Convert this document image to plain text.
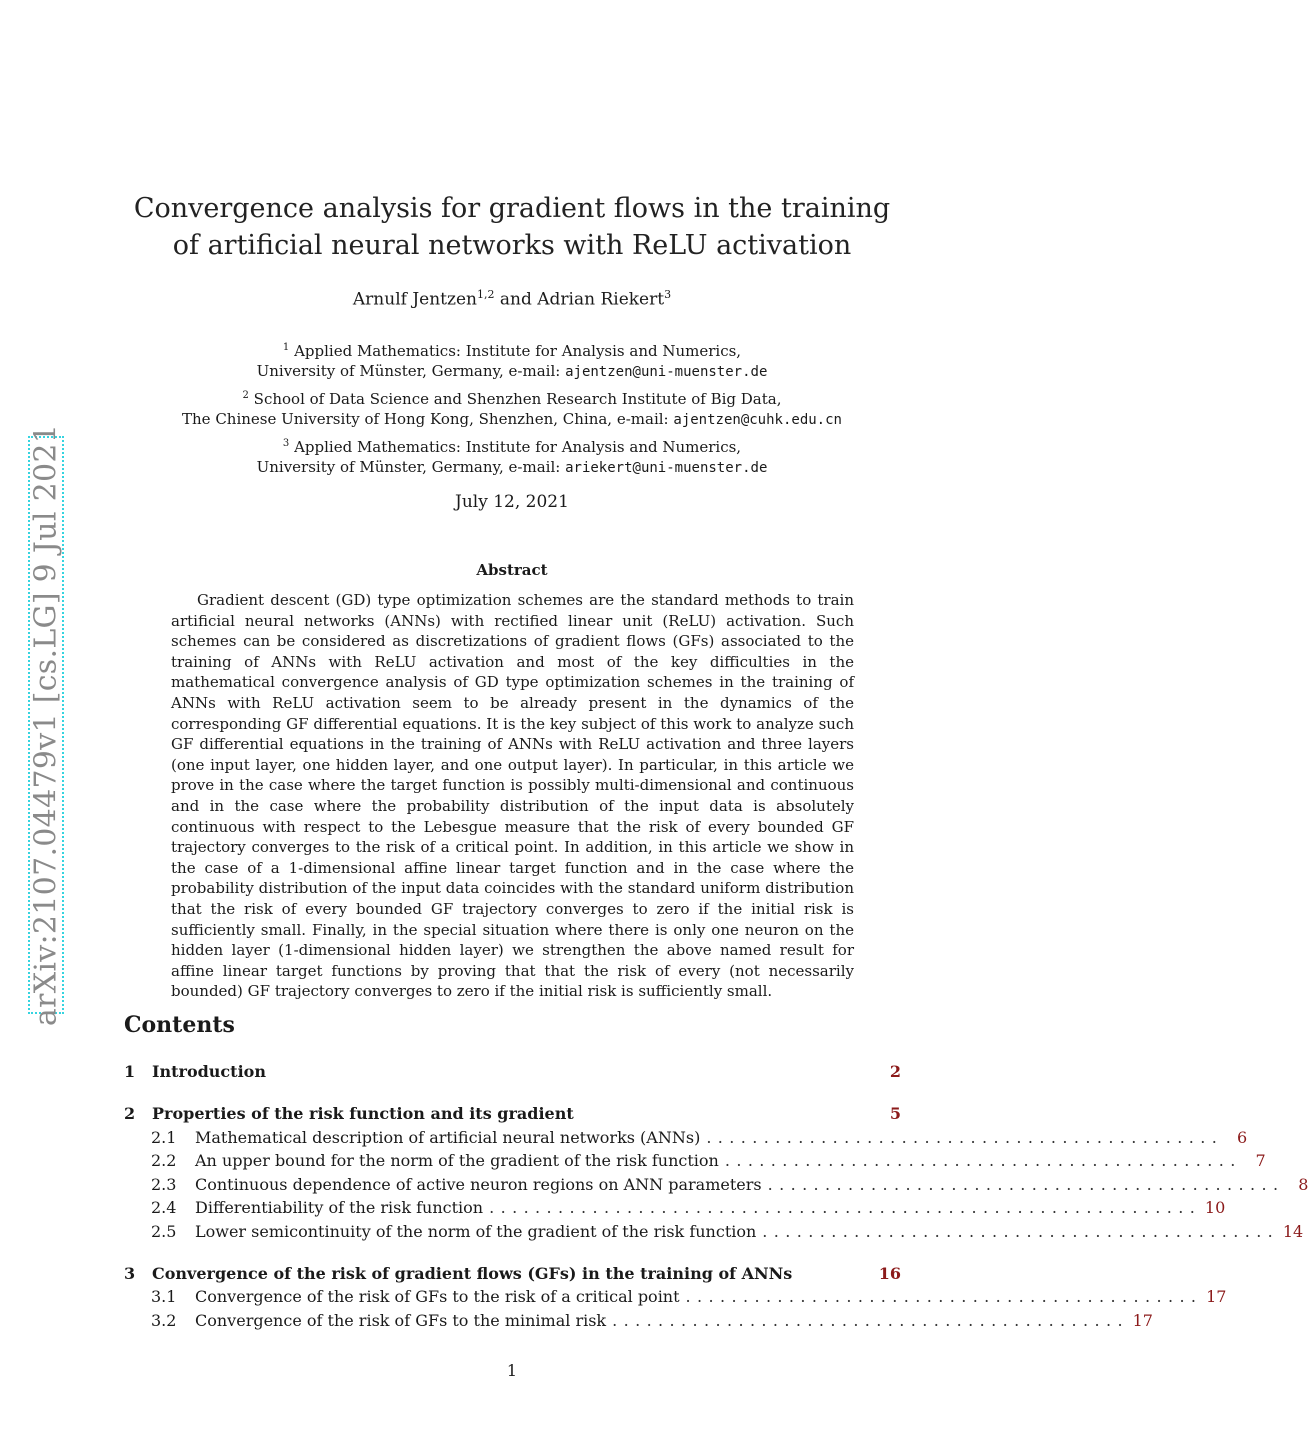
arXiv:2107.04479v1 [cs.LG] 9 Jul 2021
Convergence analysis for gradient flows in the training
of artificial neural networks with ReLU activation
Arnulf Jentzen$^{1,2}$ and Adrian Riekert$^3$
$^1$ Applied Mathematics: Institute for Analysis and Numerics,
University of Münster, Germany, e-mail: ajentzen@uni-muenster.de
$^2$ School of Data Science and Shenzhen Research Institute of Big Data,
The Chinese University of Hong Kong, Shenzhen, China, e-mail: ajentzen@cuhk.edu.cn
$^3$ Applied Mathematics: Institute for Analysis and Numerics,
University of Münster, Germany, e-mail: ariekert@uni-muenster.de
July 12, 2021
Abstract

Gradient descent (GD) type optimization schemes are the standard methods to train artificial neural networks (ANNs) with rectified linear unit (ReLU) activation. Such schemes can be considered as discretizations of gradient flows (GFs) associated to the training of ANNs with ReLU activation and most of the key difficulties in the mathematical convergence analysis of GD type optimization schemes in the training of ANNs with ReLU activation seem to be already present in the dynamics of the corresponding GF differential equations. It is the key subject of this work to analyze such GF differential equations in the training of ANNs with ReLU activation and three layers (one input layer, one hidden layer, and one output layer). In particular, in this article we prove in the case where the target function is possibly multi-dimensional and continuous and in the case where the probability distribution of the input data is absolutely continuous with respect to the Lebesgue measure that the risk of every bounded GF trajectory converges to the risk of a critical point. In addition, in this article we show in the case of a 1-dimensional affine linear target function and in the case where the probability distribution of the input data coincides with the standard uniform distribution that the risk of every bounded GF trajectory converges to zero if the initial risk is sufficiently small. Finally, in the special situation where there is only one neuron on the hidden layer (1-dimensional hidden layer) we strengthen the above named result for affine linear target functions by proving that that the risk of every (not necessarily bounded) GF trajectory converges to zero if the initial risk is sufficiently small.

Contents
1	Introduction	2
2	Properties of the risk function and its gradient	5
2.1	Mathematical description of artificial neural networks (ANNs) ............................................. 6
2.2	An upper bound for the norm of the gradient of the risk function ............................................. 7
2.3	Continuous dependence of active neuron regions on ANN parameters ............................................. 8
2.4	Differentiability of the risk function .............................................................. 10
2.5	Lower semicontinuity of the norm of the gradient of the risk function ............................................. 14
3	Convergence of the risk of gradient flows (GFs) in the training of ANNs	16
3.1	Convergence of the risk of GFs to the risk of a critical point ............................................. 17
3.2	Convergence of the risk of GFs to the minimal risk ............................................. 17
1
